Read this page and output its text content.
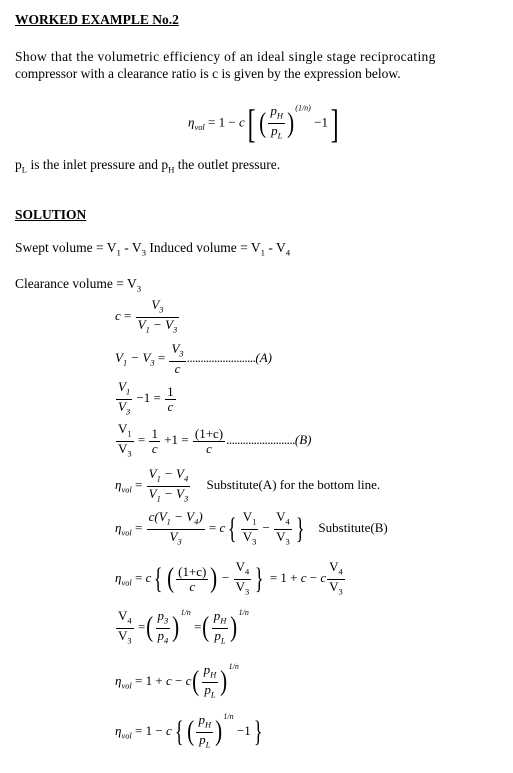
WORKED EXAMPLE No.2
Show that the volumetric efficiency of an ideal single stage reciprocating
compressor with a clearance ratio is c is given by the expression below.
$\eta_{vol} = 1 - c$[ ( $\frac{p_H}{p_L} )^{(1/n)} -1$]
$p_L$ is the inlet pressure and $p_H$ the outlet pressure.
SOLUTION
Swept volume = $V_1 - V_3$ Induced volume = $V_1 - V_4$
Clearance volume = $V_3$
$c = \frac{V_3}{V_1 - V_3}$
$V_1 - V_3 = \frac{V_3}{c} .........................(A)$
$\frac{V_1}{V_3} -1 = \frac{1}{c}$
$\frac{V_1}{V_3} = \frac{1}{c} +1 = \frac{(1+c)}{c} .........................(B)$
$\eta_{vol} = \frac{V_1 - V_4}{V_1 - V_3}$ Substitute(A) for the bottom line.
$\eta_{vol} = \frac{c(V_1 - V_4)}{V_3} = c\{ \frac{V_1}{V_3} - \frac{V_4}{V_3}$ } Substitute(B)
$\eta_{vol} = c${ ( $\frac{(1+c)}{c}$ ) − $\frac{V_4}{V_3}$ } = 1 + c − c $\frac{V_4}{V_3}$
$\frac{V_4}{V_3}$ =( $\frac{p_3}{p_4} )^{1/n}$ =( $\frac{p_H}{p_L} )^{1/n}$
$\eta_{vol} = 1 + c - c( \frac{p_H}{p_L} )^{1/n}$
$\eta_{vol} = 1 - c${ ( $\frac{p_H}{p_L} )^{1/n} -1$}
